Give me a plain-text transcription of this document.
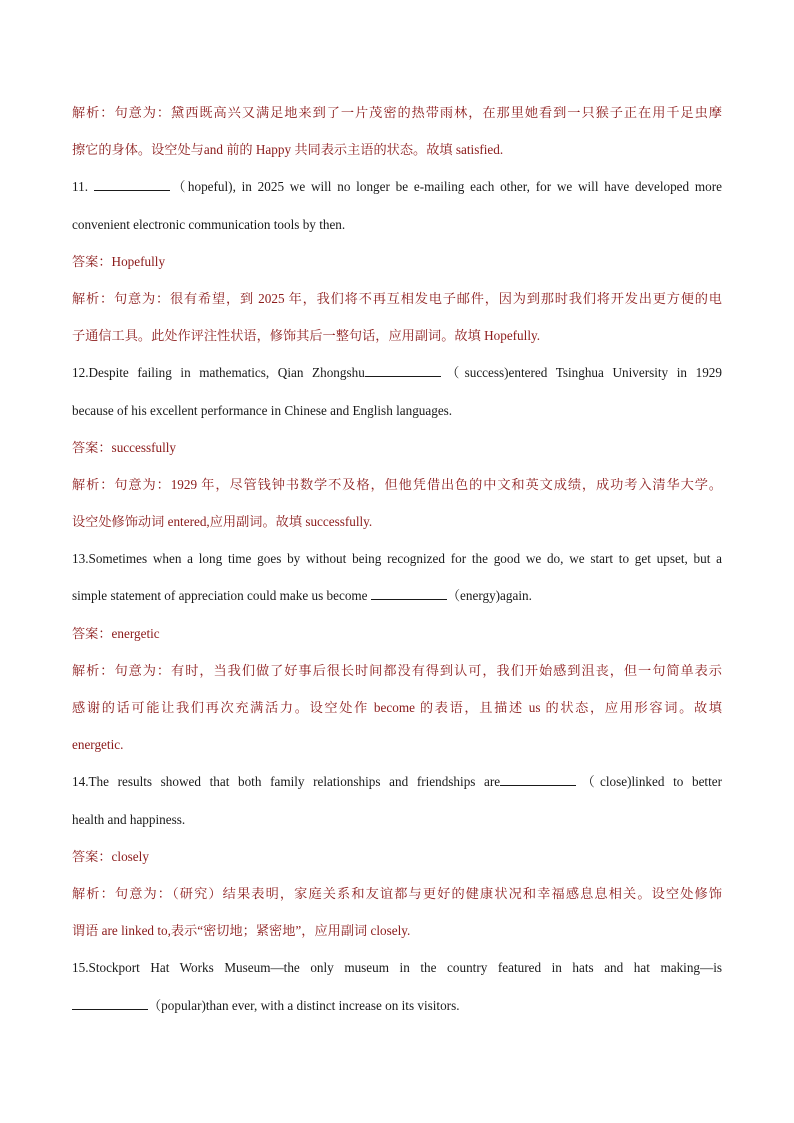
解析：句意为：黛西既高兴又满足地来到了一片茂密的热带雨林，在那里她看到一只猴子正在用千足虫摩
擦它的身体。设空处与and 前的 Happy 共同表示主语的状态。故填 satisfied.
11.	（hopeful), in 2025 we will no longer be e-mailing each other, for we will have developed more
convenient electronic communication tools by then.
答案：Hopefully
解析：句意为：很有希望，到 2025 年，我们将不再互相发电子邮件，因为到那时我们将开发出更方便的电
子通信工具。此处作评注性状语，修饰其后一整句话，应用副词。故填 Hopefully.
12.Despite failing in mathematics, Qian Zhongshu	（success)entered Tsinghua University in 1929
because of his excellent performance in Chinese and English languages.
答案：successfully
解析：句意为：1929 年，尽管钱钟书数学不及格，但他凭借出色的中文和英文成绩，成功考入清华大学。
设空处修饰动词 entered,应用副词。故填 successfully.
13.Sometimes when a long time goes by without being recognized for the good we do, we start to get upset, but a
simple statement of appreciation could make us become	（energy)again.
答案：energetic
解析：句意为：有时，当我们做了好事后很长时间都没有得到认可，我们开始感到沮丧，但一句简单表示
感谢的话可能让我们再次充满活力。设空处作 become 的表语，且描述 us 的状态，应用形容词。故填
energetic.
14.The results showed that both family relationships and friendships are	（close)linked to better
health and happiness.
答案：closely
解析：句意为：（研究）结果表明，家庭关系和友谊都与更好的健康状况和幸福感息息相关。设空处修饰
谓语 are linked to,表示“密切地；紧密地”，应用副词 closely.
15.Stockport Hat Works Museum—the only museum in the country featured in hats and hat making—is
（popular)than ever, with a distinct increase on its visitors.
